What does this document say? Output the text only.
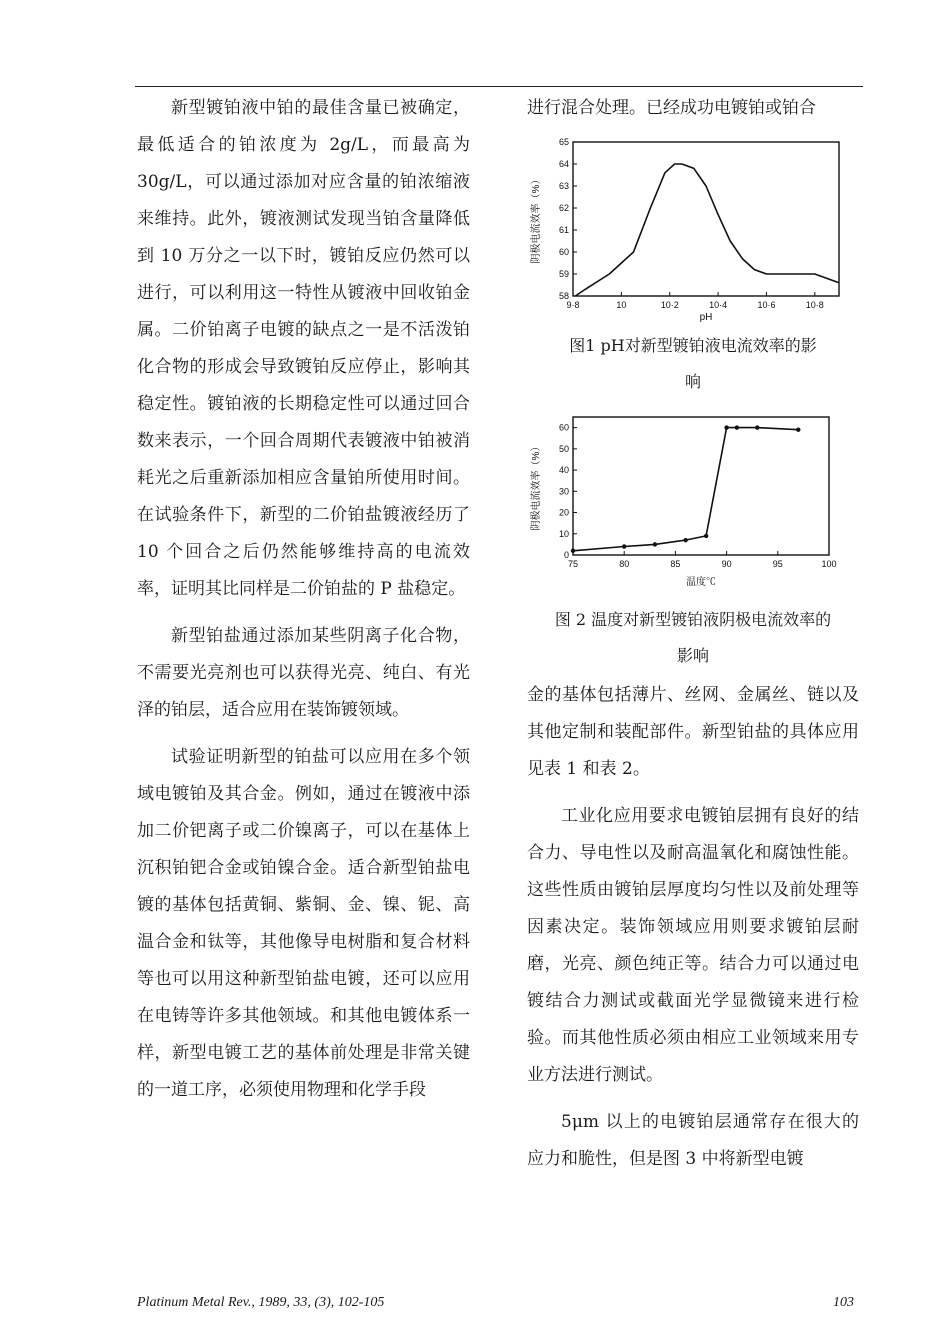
新型镀铂液中铂的最佳含量已被确定，最低适合的铂浓度为 2g/L，而最高为 30g/L，可以通过添加对应含量的铂浓缩液来维持。此外，镀液测试发现当铂含量降低到 10 万分之一以下时，镀铂反应仍然可以进行，可以利用这一特性从镀液中回收铂金属。二价铂离子电镀的缺点之一是不活泼铂化合物的形成会导致镀铂反应停止，影响其稳定性。镀铂液的长期稳定性可以通过回合数来表示，一个回合周期代表镀液中铂被消耗光之后重新添加相应含量铂所使用时间。在试验条件下，新型的二价铂盐镀液经历了 10 个回合之后仍然能够维持高的电流效率，证明其比同样是二价铂盐的 P 盐稳定。

新型铂盐通过添加某些阴离子化合物，不需要光亮剂也可以获得光亮、纯白、有光泽的铂层，适合应用在装饰镀领域。

试验证明新型的铂盐可以应用在多个领域电镀铂及其合金。例如，通过在镀液中添加二价钯离子或二价镍离子，可以在基体上沉积铂钯合金或铂镍合金。适合新型铂盐电镀的基体包括黄铜、紫铜、金、镍、铌、高温合金和钛等，其他像导电树脂和复合材料等也可以用这种新型铂盐电镀，还可以应用在电铸等许多其他领域。和其他电镀体系一样，新型电镀工艺的基体前处理是非常关键的一道工序，必须使用物理和化学手段

进行混合处理。已经成功电镀铂或铂合

9·8	10	10·2	10·4	10·6	10·8
58
59
60
61
62
63
64
65
pH
阴极电流效率（%）
图1 pH对新型镀铂液电流效率的影
响
75	80	85	90	95	100
0
10
20
30
40
50
60
温度℃
阴极电流效率（%）
图 2 温度对新型镀铂液阴极电流效率的
影响

金的基体包括薄片、丝网、金属丝、链以及其他定制和装配部件。新型铂盐的具体应用见表 1 和表 2。

工业化应用要求电镀铂层拥有良好的结合力、导电性以及耐高温氧化和腐蚀性能。这些性质由镀铂层厚度均匀性以及前处理等因素决定。装饰领域应用则要求镀铂层耐磨，光亮、颜色纯正等。结合力可以通过电镀结合力测试或截面光学显微镜来进行检验。而其他性质必须由相应工业领域来用专业方法进行测试。

5μm 以上的电镀铂层通常存在很大的应力和脆性，但是图 3 中将新型电镀

Platinum Metal Rev., 1989, 33, (3), 102-105	103
